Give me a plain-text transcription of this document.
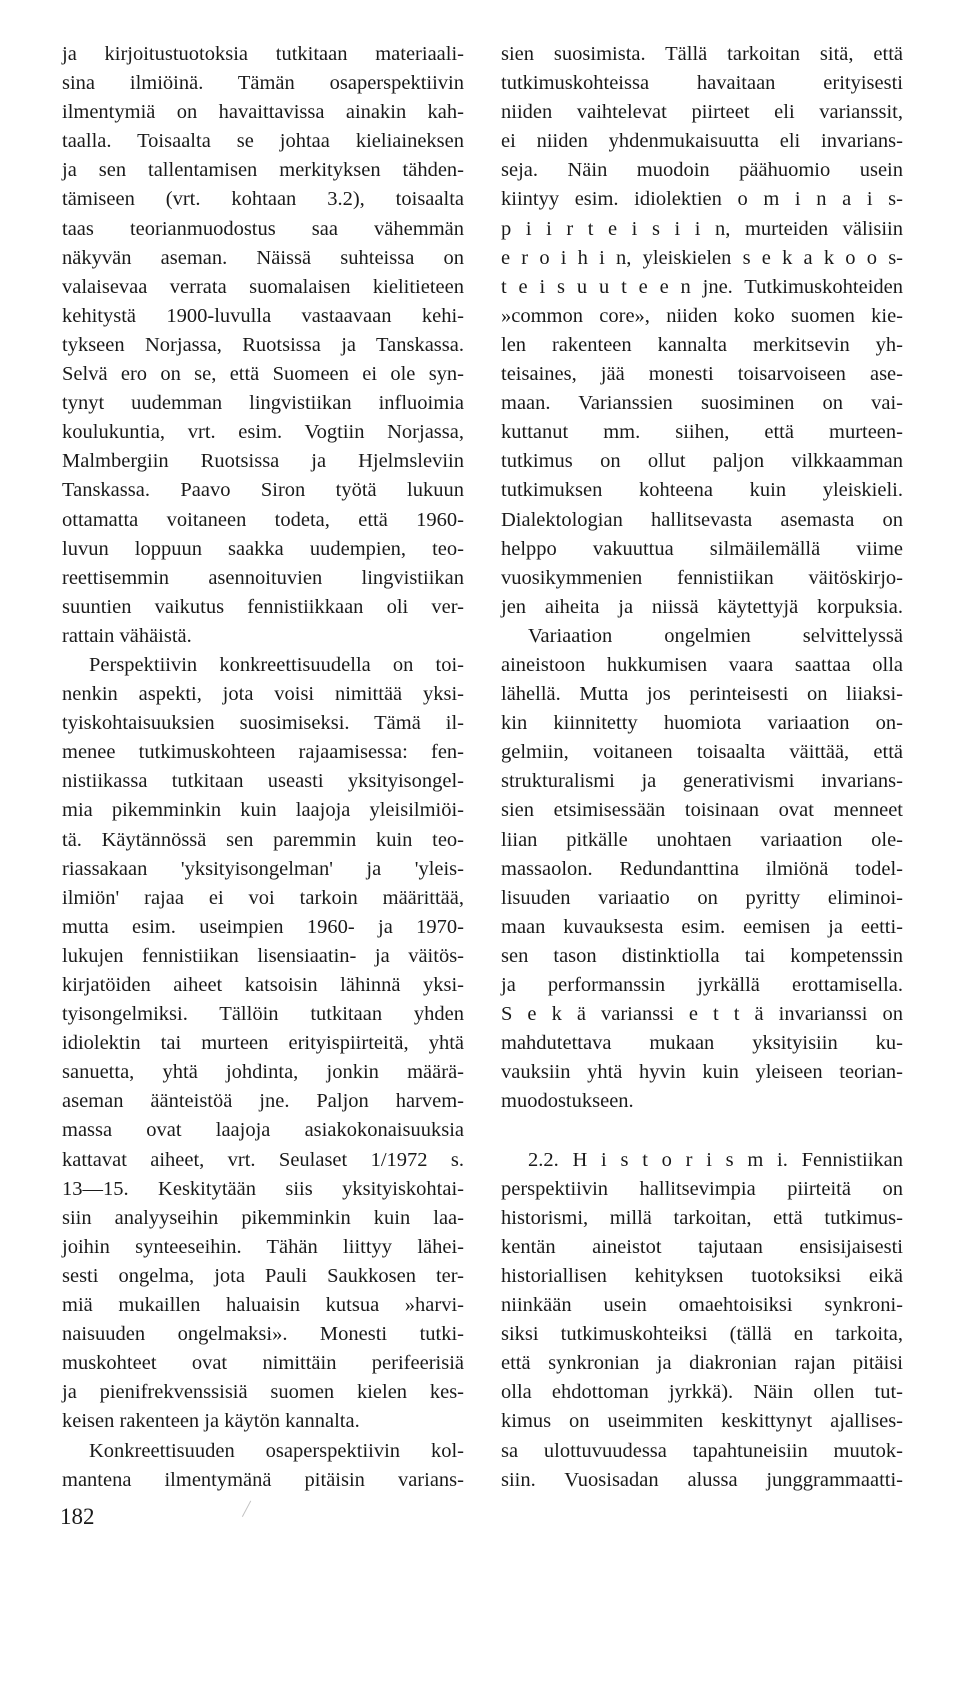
ja kirjoitustuotoksia tutkitaan materiaali-
sina ilmiöinä. Tämän osaperspektiivin
ilmentymiä on havaittavissa ainakin kah-
taalla. Toisaalta se johtaa kieliaineksen
ja sen tallentamisen merkityksen tähden-
tämiseen (vrt. kohtaan 3.2), toisaalta
taas teorianmuodostus saa vähemmän
näkyvän aseman. Näissä suhteissa on
valaisevaa verrata suomalaisen kielitieteen
kehitystä 1900-luvulla vastaavaan kehi-
tykseen Norjassa, Ruotsissa ja Tanskassa.
Selvä ero on se, että Suomeen ei ole syn-
tynyt uudemman lingvistiikan influoimia
koulukuntia, vrt. esim. Vogtiin Norjassa,
Malmbergiin Ruotsissa ja Hjelmsleviin
Tanskassa. Paavo Siron työtä lukuun
ottamatta voitaneen todeta, että 1960-
luvun loppuun saakka uudempien, teo-
reettisemmin asennoituvien lingvistiikan
suuntien vaikutus fennistiikkaan oli ver-
rattain vähäistä.
Perspektiivin konkreettisuudella on toi-
nenkin aspekti, jota voisi nimittää yksi-
tyiskohtaisuuksien suosimiseksi. Tämä il-
menee tutkimuskohteen rajaamisessa: fen-
nistiikassa tutkitaan useasti yksityisongel-
mia pikemminkin kuin laajoja yleisilmiöi-
tä. Käytännössä sen paremmin kuin teo-
riassakaan 'yksityisongelman' ja 'yleis-
ilmiön' rajaa ei voi tarkoin määrittää,
mutta esim. useimpien 1960- ja 1970-
lukujen fennistiikan lisensiaatin- ja väitös-
kirjatöiden aiheet katsoisin lähinnä yksi-
tyisongelmiksi. Tällöin tutkitaan yhden
idiolektin tai murteen erityispiirteitä, yhtä
sanuetta, yhtä johdinta, jonkin määrä-
aseman äänteistöä jne. Paljon harvem-
massa ovat laajoja asiakokonaisuuksia
kattavat aiheet, vrt. Seulaset 1/1972 s.
13—15. Keskitytään siis yksityiskohtai-
siin analyyseihin pikemminkin kuin laa-
joihin synteeseihin. Tähän liittyy lähei-
sesti ongelma, jota Pauli Saukkosen ter-
miä mukaillen haluaisin kutsua »harvi-
naisuuden ongelmaksi». Monesti tutki-
muskohteet ovat nimittäin perifeerisiä
ja pienifrekvenssisiä suomen kielen kes-
keisen rakenteen ja käytön kannalta.
Konkreettisuuden osaperspektiivin kol-
mantena ilmentymänä pitäisin varians-
sien suosimista. Tällä tarkoitan sitä, että
tutkimuskohteissa havaitaan erityisesti
niiden vaihtelevat piirteet eli varianssit,
ei niiden yhdenmukaisuutta eli invarians-
seja. Näin muodoin päähuomio usein
kiintyy esim. idiolektien o m i n a i s-
p i i r t e i s i i n, murteiden välisiin
e r o i h i n, yleiskielen s e k a k o o s-
t e i s u u t e e n jne. Tutkimuskohteiden
»common core», niiden koko suomen kie-
len rakenteen kannalta merkitsevin yh-
teisaines, jää monesti toisarvoiseen ase-
maan. Varianssien suosiminen on vai-
kuttanut mm. siihen, että murteen-
tutkimus on ollut paljon vilkkaamman
tutkimuksen kohteena kuin yleiskieli.
Dialektologian hallitsevasta asemasta on
helppo vakuuttua silmäilemällä viime
vuosikymmenien fennistiikan väitöskirjo-
jen aiheita ja niissä käytettyjä korpuksia.
Variaation ongelmien selvittelyssä
aineistoon hukkumisen vaara saattaa olla
lähellä. Mutta jos perinteisesti on liiaksi-
kin kiinnitetty huomiota variaation on-
gelmiin, voitaneen toisaalta väittää, että
strukturalismi ja generativismi invarians-
sien etsimisessään toisinaan ovat menneet
liian pitkälle unohtaen variaation ole-
massaolon. Redundanttina ilmiönä todel-
lisuuden variaatio on pyritty eliminoi-
maan kuvauksesta esim. eemisen ja eetti-
sen tason distinktiolla tai kompetenssin
ja performanssin jyrkällä erottamisella.
S e k ä varianssi e t t ä invarianssi on
mahdutettava mukaan yksityisiin ku-
vauksiin yhtä hyvin kuin yleiseen teorian-
muodostukseen.
2.2. H i s t o r i s m i. Fennistiikan
perspektiivin hallitsevimpia piirteitä on
historismi, millä tarkoitan, että tutkimus-
kentän aineistot tajutaan ensisijaisesti
historiallisen kehityksen tuotoksiksi eikä
niinkään usein omaehtoisiksi synkroni-
siksi tutkimuskohteiksi (tällä en tarkoita,
että synkronian ja diakronian rajan pitäisi
olla ehdottoman jyrkkä). Näin ollen tut-
kimus on useimmiten keskittynyt ajallises-
sa ulottuvuudessa tapahtuneisiin muutok-
siin. Vuosisadan alussa junggrammaatti-
182
